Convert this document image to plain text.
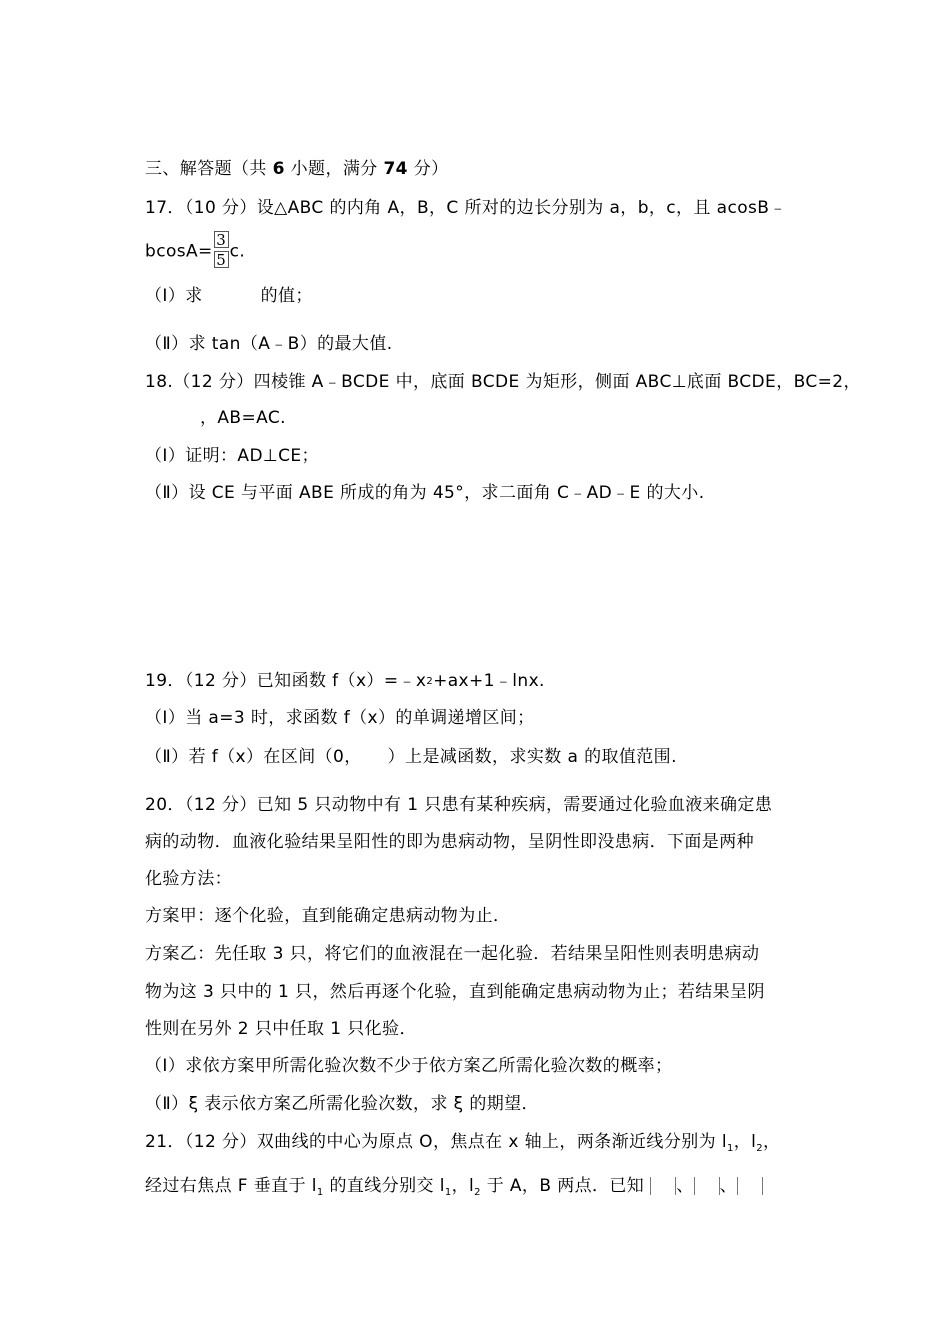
三、解答题（共 6 小题，满分 74 分）
17．（10 分）设△ABC 的内角 A，B，C 所对的边长分别为 a，b，c，且 acosB﹣
$bcosA= \frac{3}{5} c$.
（Ⅰ）求	的值；
（Ⅱ）求 tan（A﹣B）的最大值.
18.（12 分）四棱锥 A﹣BCDE 中，底面 BCDE 为矩形，侧面 ABC⊥底面 BCDE，BC=2，
，AB=AC.
（Ⅰ）证明：AD⊥CE；
（Ⅱ）设 CE 与平面 ABE 所成的角为 45°，求二面角 C﹣AD﹣E 的大小.
19．（12 分）已知函数 $f(x)=﹣x^2+ax+1﹣\ln x$.
（Ⅰ）当 a=3 时，求函数 f（x）的单调递增区间；
（Ⅱ）若 f（x）在区间（0， ）上是减函数，求实数 a 的取值范围.
20．（12 分）已知 5 只动物中有 1 只患有某种疾病，需要通过化验血液来确定患
病的动物．血液化验结果呈阳性的即为患病动物，呈阴性即没患病．下面是两种
化验方法：
方案甲：逐个化验，直到能确定患病动物为止．
方案乙：先任取 3 只，将它们的血液混在一起化验．若结果呈阳性则表明患病动
物为这 3 只中的 1 只，然后再逐个化验，直到能确定患病动物为止；若结果呈阴
性则在另外 2 只中任取 1 只化验．
（Ⅰ）求依方案甲所需化验次数不少于依方案乙所需化验次数的概率；
（Ⅱ）ξ 表示依方案乙所需化验次数，求 ξ 的期望．
21．（12 分）双曲线的中心为原点 O，焦点在 x 轴上，两条渐近线分别为 $l_1$，$l_2$，
经过右焦点 F 垂直于 $l_1$ 的直线分别交 $l_1$，$l_2$ 于 A，B 两点．已知 、 、
